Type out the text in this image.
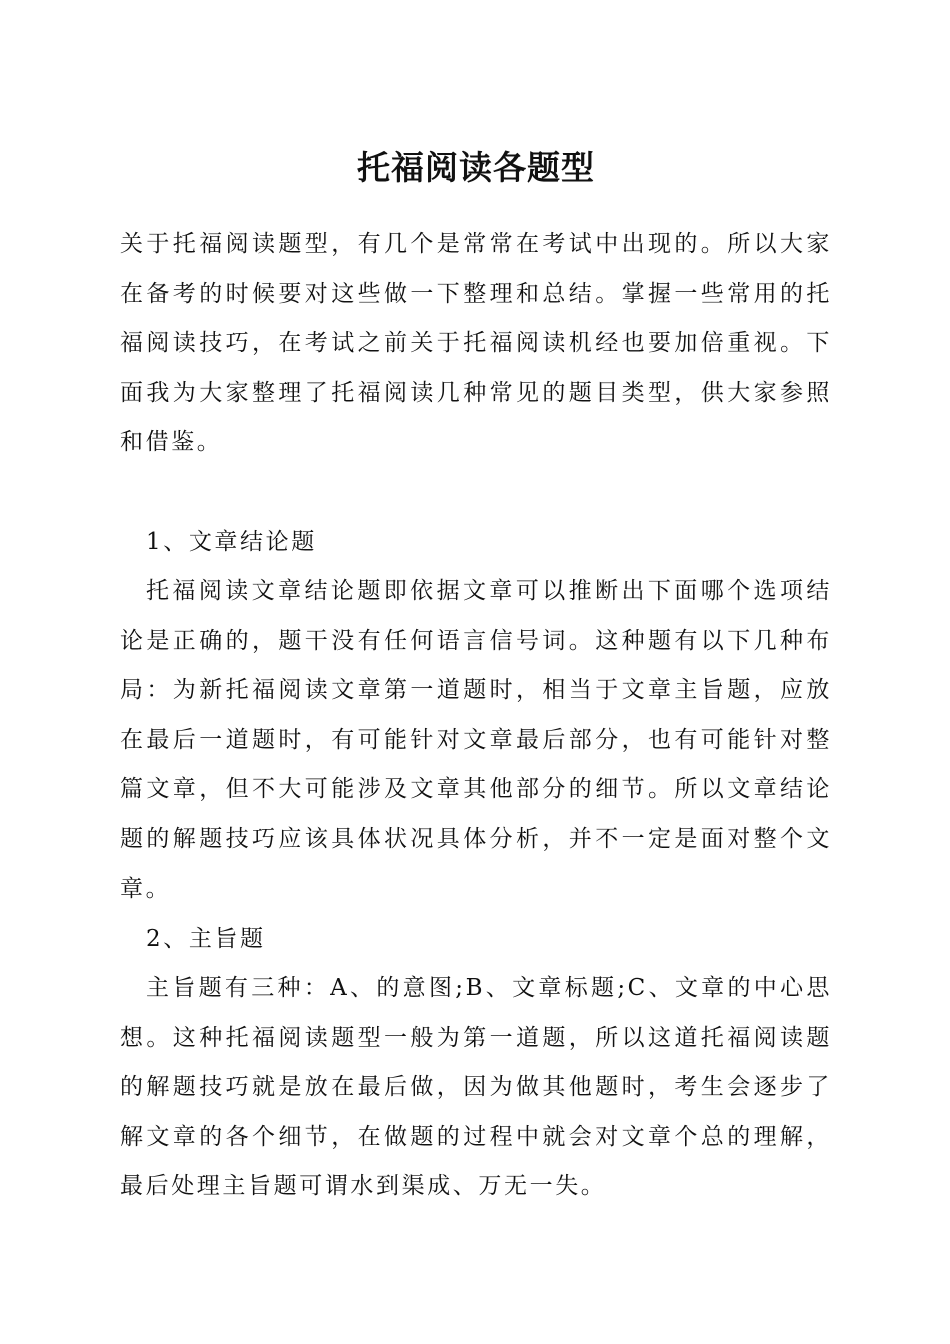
托福阅读各题型

关于托福阅读题型，有几个是常常在考试中出现的。所以大家在备考的时候要对这些做一下整理和总结。掌握一些常用的托福阅读技巧，在考试之前关于托福阅读机经也要加倍重视。下面我为大家整理了托福阅读几种常见的题目类型，供大家参照和借鉴。

1、文章结论题

托福阅读文章结论题即依据文章可以推断出下面哪个选项结论是正确的，题干没有任何语言信号词。这种题有以下几种布局：为新托福阅读文章第一道题时，相当于文章主旨题，应放在最后一道题时，有可能针对文章最后部分，也有可能针对整篇文章，但不大可能涉及文章其他部分的细节。所以文章结论题的解题技巧应该具体状况具体分析，并不一定是面对整个文章。

2、主旨题

主旨题有三种：A、的意图;B、文章标题;C、文章的中心思想。这种托福阅读题型一般为第一道题，所以这道托福阅读题的解题技巧就是放在最后做，因为做其他题时，考生会逐步了解文章的各个细节，在做题的过程中就会对文章个总的理解，最后处理主旨题可谓水到渠成、万无一失。
